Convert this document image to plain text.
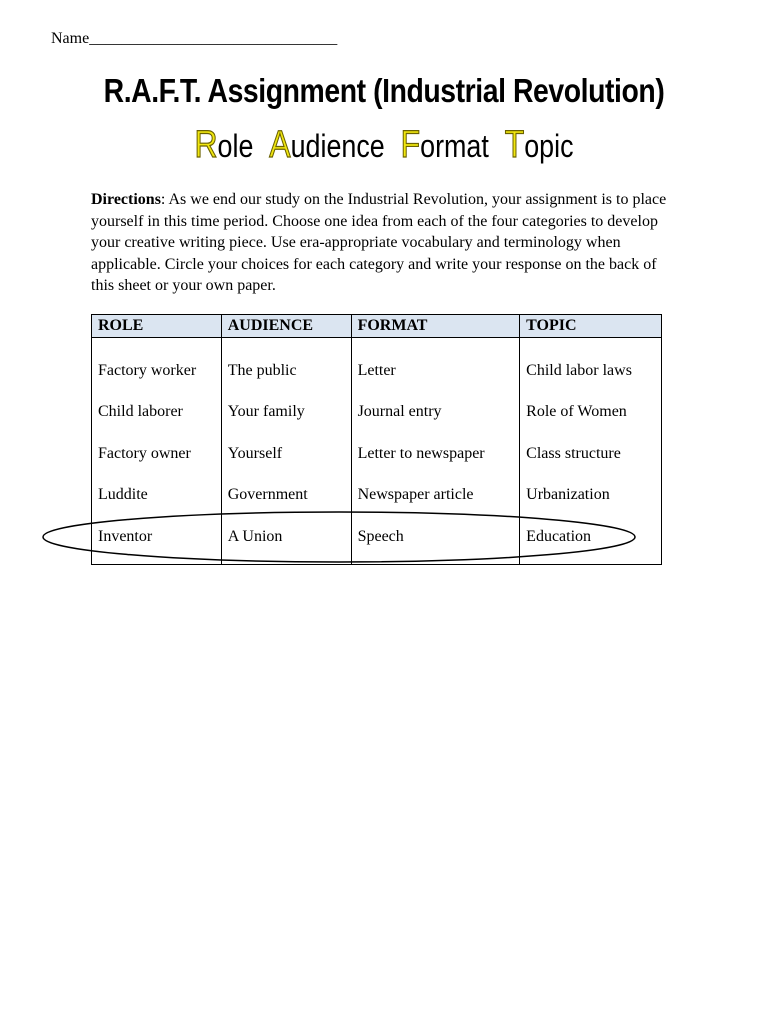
Name_______________________________
R.A.F.T. Assignment (Industrial Revolution)
Role Audience Format Topic
Directions: As we end our study on the Industrial Revolution, your assignment is to place yourself in this time period. Choose one idea from each of the four categories to develop your creative writing piece. Use era-appropriate vocabulary and terminology when applicable. Circle your choices for each category and write your response on the back of this sheet or your own paper.
ROLE	AUDIENCE	FORMAT	TOPIC
Factory worker	The public	Letter	Child labor laws
Child laborer	Your family	Journal entry	Role of Women
Factory owner	Yourself	Letter to newspaper	Class structure
Luddite	Government	Newspaper article	Urbanization
Inventor	A Union	Speech	Education
